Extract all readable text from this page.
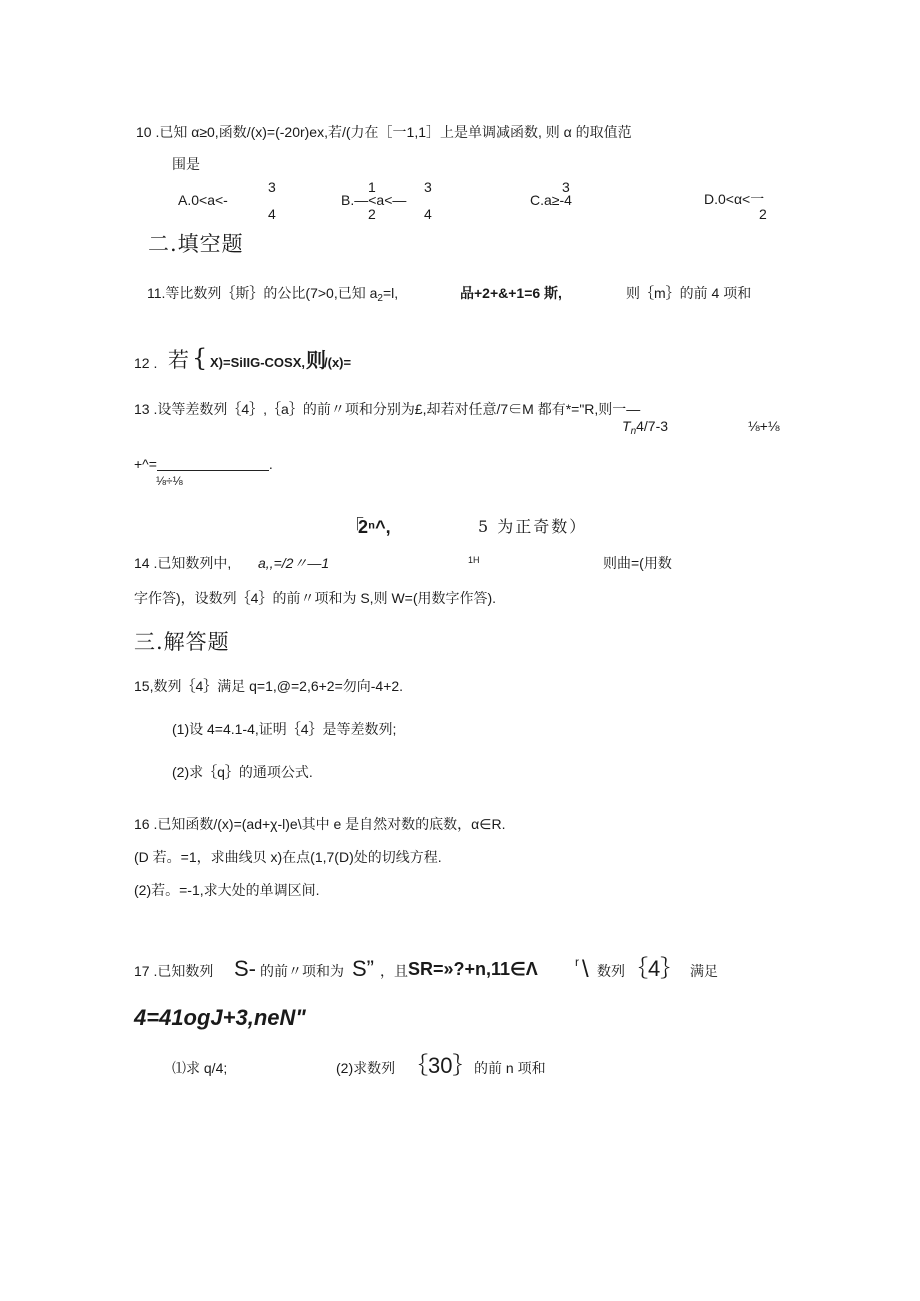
10 .已知 α≥0,函数/(x)=(-20r)ex,若/(力在［一1,1］上是单调减函数, 则 α 的取值范
围是
3
A.0<a<-
4
1	3
B.—<a<—
2	4
3
C.a≥-4	D.0<α<一
2
二.填空题
11.等比数列｛斯｝的公比(7>0,已知 $a_2=l$,	品+2+&+1=6 斯,	则｛m｝的前 4 项和
12 . 若 { X)=SiIIG-COSX, 则
/(x)=
13 .设等差数列｛4｝,｛a｝的前〃项和分别为£,却若对任意/7∈M 都有*="R,则一—
$T_n4/7-3$	⅛+⅛
+^=	.
⅛÷⅛
「
2ⁿ^,	5 为正奇数）
14 .已知数列中, a,,=/2〃—1	1H	则曲=(用数
字作答)，设数列｛4｝的前〃项和为 S,则 W=(用数字作答).
三.解答题
15,数列｛4｝满足 q=1,@=2,6+2=勿向-4+2.
(1)设 4=4.1-4,证明｛4｝是等差数列;
(2)求｛q｝的通项公式.
16 .已知函数/(x)=(ad+χ-l)e\其中 e 是自然对数的底数，α∈R.
(D 若。=1，求曲线贝 x)在点(1,7(D)处的切线方程.
(2)若。=-1,求大处的单调区间.
17 .已知数列 S- 的前〃项和为 S” ，且 SR=»?+n,11∈Λ	r \ 数列 ｛4｝ 满足
4=41ogJ+3,neN"
⑴求 q/4;	(2)求数列 ｛30｝ 的前 n 项和
